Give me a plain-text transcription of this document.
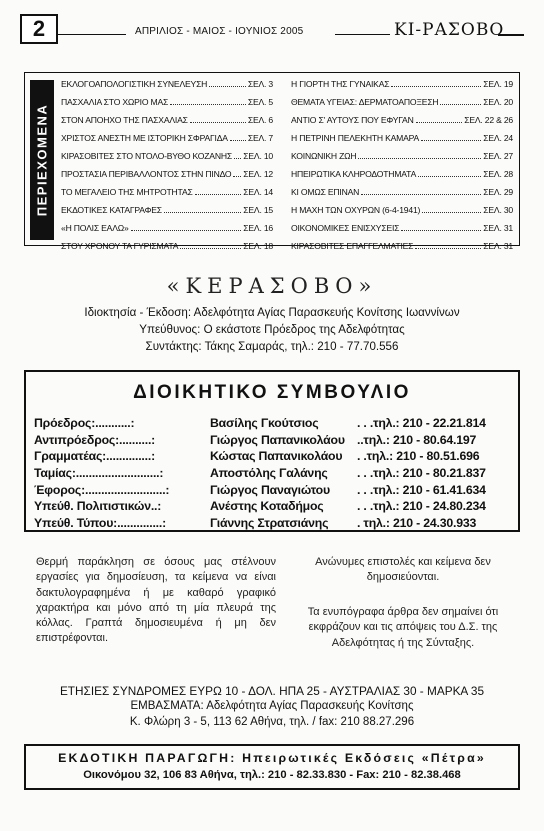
2	ΑΠΡΙΛΙΟΣ - ΜΑΙΟΣ - ΙΟΥΝΙΟΣ 2005	ΚΙ-ΡΑΣΟΒΟ
ΠΕΡΙΕΧΟΜΕΝΑ
ΕΚΛΟΓΟΑΠΟΛΟΓΙΣΤΙΚΗ ΣΥΝΕΛΕΥΣΗ	ΣΕΛ. 3
ΠΑΣΧΑΛΙΑ ΣΤΟ ΧΩΡΙΟ ΜΑΣ	ΣΕΛ. 5
ΣΤΟΝ ΑΠΟΗΧΟ ΤΗΣ ΠΑΣΧΑΛΙΑΣ	ΣΕΛ. 6
ΧΡΙΣΤΟΣ ΑΝΕΣΤΗ ΜΕ ΙΣΤΟΡΙΚΗ ΣΦΡΑΓΙΔΑ ΣΕΛ. 7
ΚΙΡΑΣΟΒΙΤΕΣ ΣΤΟ ΝΤΟΛΟ-ΒΥΘΟ ΚΟΖΑΝΗΣ ΣΕΛ. 10
ΠΡΟΣΤΑΣΙΑ ΠΕΡΙΒΑΛΛΟΝΤΟΣ ΣΤΗΝ ΠΙΝΔΟ ΣΕΛ. 12
ΤΟ ΜΕΓΑΛΕΙΟ ΤΗΣ ΜΗΤΡΟΤΗΤΑΣ	ΣΕΛ. 14
ΕΚΔΟΤΙΚΕΣ ΚΑΤΑΓΡΑΦΕΣ	ΣΕΛ. 15
«Η ΠΟΛΙΣ ΕΑΛΩ»	ΣΕΛ. 16
ΣΤΟΥ ΧΡΟΝΟΥ ΤΑ ΓΥΡΙΣΜΑΤΑ	ΣΕΛ. 18
Η ΓΙΟΡΤΗ ΤΗΣ ΓΥΝΑΙΚΑΣ	ΣΕΛ. 19
ΘΕΜΑΤΑ ΥΓΕΙΑΣ: ΔΕΡΜΑΤΟΑΠΟΞΕΣΗ	ΣΕΛ. 20
ΑΝΤΙΟ Σ' ΑΥΤΟΥΣ ΠΟΥ ΕΦΥΓΑΝ	ΣΕΛ. 22 & 26
Η ΠΕΤΡΙΝΗ ΠΕΛΕΚΗΤΗ ΚΑΜΑΡΑ	ΣΕΛ. 24
ΚΟΙΝΩΝΙΚΗ ΖΩΗ	ΣΕΛ. 27
ΗΠΕΙΡΩΤΙΚΑ ΚΛΗΡΟΔΟΤΗΜΑΤΑ	ΣΕΛ. 28
ΚΙ ΟΜΩΣ ΕΠΙΝΑΝ	ΣΕΛ. 29
Η ΜΑΧΗ ΤΩΝ ΟΧΥΡΩΝ (6-4-1941)	ΣΕΛ. 30
ΟΙΚΟΝΟΜΙΚΕΣ ΕΝΙΣΧΥΣΕΙΣ	ΣΕΛ. 31
ΚΙΡΑΣΟΒΙΤΕΣ ΕΠΑΓΓΕΛΜΑΤΙΕΣ	ΣΕΛ. 31
«ΚΕΡΑΣΟΒΟ»
Ιδιοκτησία - Έκδοση: Αδελφότητα Αγίας Παρασκευής Κονίτσης Ιωαννίνων
Υπεύθυνος: Ο εκάστοτε Πρόεδρος της Αδελφότητας
Συντάκτης: Τάκης Σαμαράς, τηλ.: 210 - 77.70.556
ΔΙΟΙΚΗΤΙΚΟ ΣΥΜΒΟΥΛΙΟ
Πρόεδρος:...........:	Βασίλης Γκούτσιος	. . .τηλ.: 210 - 22.21.814
Αντιπρόεδρος:..........:	Γιώργος Παπανικολάου ..τηλ.: 210 - 80.64.197
Γραμματέας:..............:	Κώστας Παπανικολάου	. .τηλ.: 210 - 80.51.696
Ταμίας:..........................:	Αποστόλης Γαλάνης	. . .τηλ.: 210 - 80.21.837
Έφορος:.........................:	Γιώργος Παναγιώτου	. . .τηλ.: 210 - 61.41.634
Υπεύθ. Πολιτιστικών..:	Ανέστης Κοταδήμος	. . .τηλ.: 210 - 24.80.234
Υπεύθ. Τύπου:..............:	Γιάννης Στρατσιάνης	. τηλ.: 210 - 24.30.933
Θερμή παράκληση σε όσους μας στέλνουν εργασίες για δημοσίευση, τα κείμενα να είναι δακτυλογραφημένα ή με καθαρό γραφικό χαρακτήρα και μόνο από τη μία πλευρά της κόλλας. Γραπτά δημοσιευμένα ή μη δεν επιστρέφονται.
Ανώνυμες επιστολές και κείμενα δεν δημοσιεύονται.
Τα ενυπόγραφα άρθρα δεν σημαίνει ότι εκφράζουν και τις απόψεις του Δ.Σ. της Αδελφότητας ή της Σύνταξης.
ΕΤΗΣΙΕΣ ΣΥΝΔΡΟΜΕΣ ΕΥΡΩ 10 - ΔΟΛ. ΗΠΑ 25 - ΑΥΣΤΡΑΛΙΑΣ 30 - ΜΑΡΚΑ 35
ΕΜΒΑΣΜΑΤΑ: Αδελφότητα Αγίας Παρασκευής Κονίτσης
Κ. Φλώρη 3 - 5, 113 62 Αθήνα, τηλ. / fax: 210 88.27.296
ΕΚΔΟΤΙΚΗ ΠΑΡΑΓΩΓΗ: Ηπειρωτικές Εκδόσεις «Πέτρα»
Οικονόμου 32, 106 83 Αθήνα, τηλ.: 210 - 82.33.830 - Fax: 210 - 82.38.468
